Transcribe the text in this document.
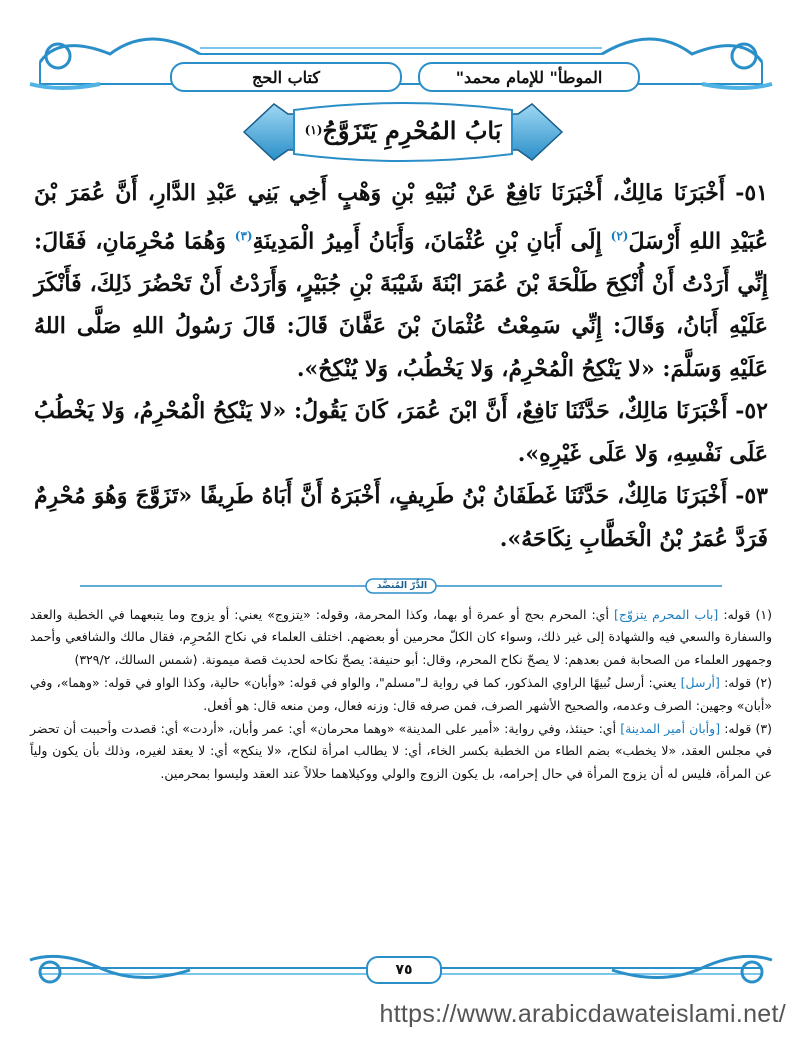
"الموطأ" للإمام محمد
كتاب الحج
بَابُ المُحْرِمِ يَتَزَوَّجُ
(١)

٥١- أَخْبَرَنَا مَالِكٌ، أَخْبَرَنَا نَافِعٌ عَنْ نُبَيْهِ بْنِ وَهْبٍ أَخِي بَنِي عَبْدِ الدَّارِ، أَنَّ عُمَرَ بْنَ عُبَيْدِ اللهِ أَرْسَلَ$^{(٢)}$ إِلَى أَبَانِ بْنِ عُثْمَانَ، وَأَبَانُ أَمِيرُ الْمَدِينَةِ$^{(٣)}$ وَهُمَا مُحْرِمَانِ، فَقَالَ: إِنِّي أَرَدْتُ أَنْ أُنْكِحَ طَلْحَةَ بْنَ عُمَرَ ابْنَةَ شَيْبَةَ بْنِ جُبَيْرٍ، وَأَرَدْتُ أَنْ تَحْضُرَ ذَلِكَ، فَأَنْكَرَ عَلَيْهِ أَبَانُ، وَقَالَ: إِنِّي سَمِعْتُ عُثْمَانَ بْنَ عَفَّانَ قَالَ: قَالَ رَسُولُ اللهِ صَلَّى اللهُ عَلَيْهِ وَسَلَّمَ: «لا يَنْكِحُ الْمُحْرِمُ، وَلا يَخْطُبُ، وَلا يُنْكِحُ».

٥٢- أَخْبَرَنَا مَالِكٌ، حَدَّثَنَا نَافِعٌ، أَنَّ ابْنَ عُمَرَ، كَانَ يَقُولُ: «لا يَنْكِحُ الْمُحْرِمُ، وَلا يَخْطُبُ عَلَى نَفْسِهِ، وَلا عَلَى غَيْرِهِ».

٥٣- أَخْبَرَنَا مَالِكٌ، حَدَّثَنَا غَطَفَانُ بْنُ طَرِيفٍ، أَخْبَرَهُ أَنَّ أَبَاهُ طَرِيفًا «تَزَوَّجَ وَهُوَ مُحْرِمٌ فَرَدَّ عُمَرُ بْنُ الْخَطَّابِ نِكَاحَهُ».

الدُّرّ المُنضَّد

(١) قوله: [باب المحرم يتزوّج] أي: المحرم بحج أو عمرة أو بهما، وكذا المحرمة، وقوله: «يتزوج» يعني: أو يزوج وما يتبعهما في الخطبة والعقد والسفارة والسعي فيه والشهادة إلى غير ذلك، وسواء كان الكلّ محرمين أو بعضهم. اختلف العلماء في نكاح المُحرِم، فقال مالك والشافعي وأحمد وجمهور العلماء من الصحابة فمن بعدهم: لا يصحّ نكاح المحرم، وقال: أبو حنيفة: يصحّ نكاحه لحديث قصة ميمونة. (شمس السالك، ٣٢٩/٢)

(٢) قوله: [أرسل] يعني: أرسل نُبيهًا الراوي المذكور، كما في رواية لـ"مسلم"، والواو في قوله: «وأبان» حالية، وكذا الواو في قوله: «وهما»، وفي «أبان» وجهين: الصرف وعدمه، والصحيح الأشهر الصرف، فمن صرفه قال: وزنه فعال، ومن منعه قال: هو أفعل.

(٣) قوله: [وأبان أمير المدينة] أي: حينئذ، وفي رواية: «أمير على المدينة» «وهما محرمان» أي: عمر وأبان، «أردت» أي: قصدت وأحببت أن تحضر في مجلس العقد، «لا يخطب» بضم الطاء من الخطبة بكسر الخاء، أي: لا يطالب امرأة لنكاح، «لا ينكح» أي: لا يعقد لغيره، وذلك بأن يكون ولياً عن المرأة، فليس له أن يزوج المرأة في حال إحرامه، بل يكون الزوج والولي ووكيلاهما حلالاً عند العقد وليسوا بمحرمين.

٧٥
https://www.arabicdawateislami.net/
